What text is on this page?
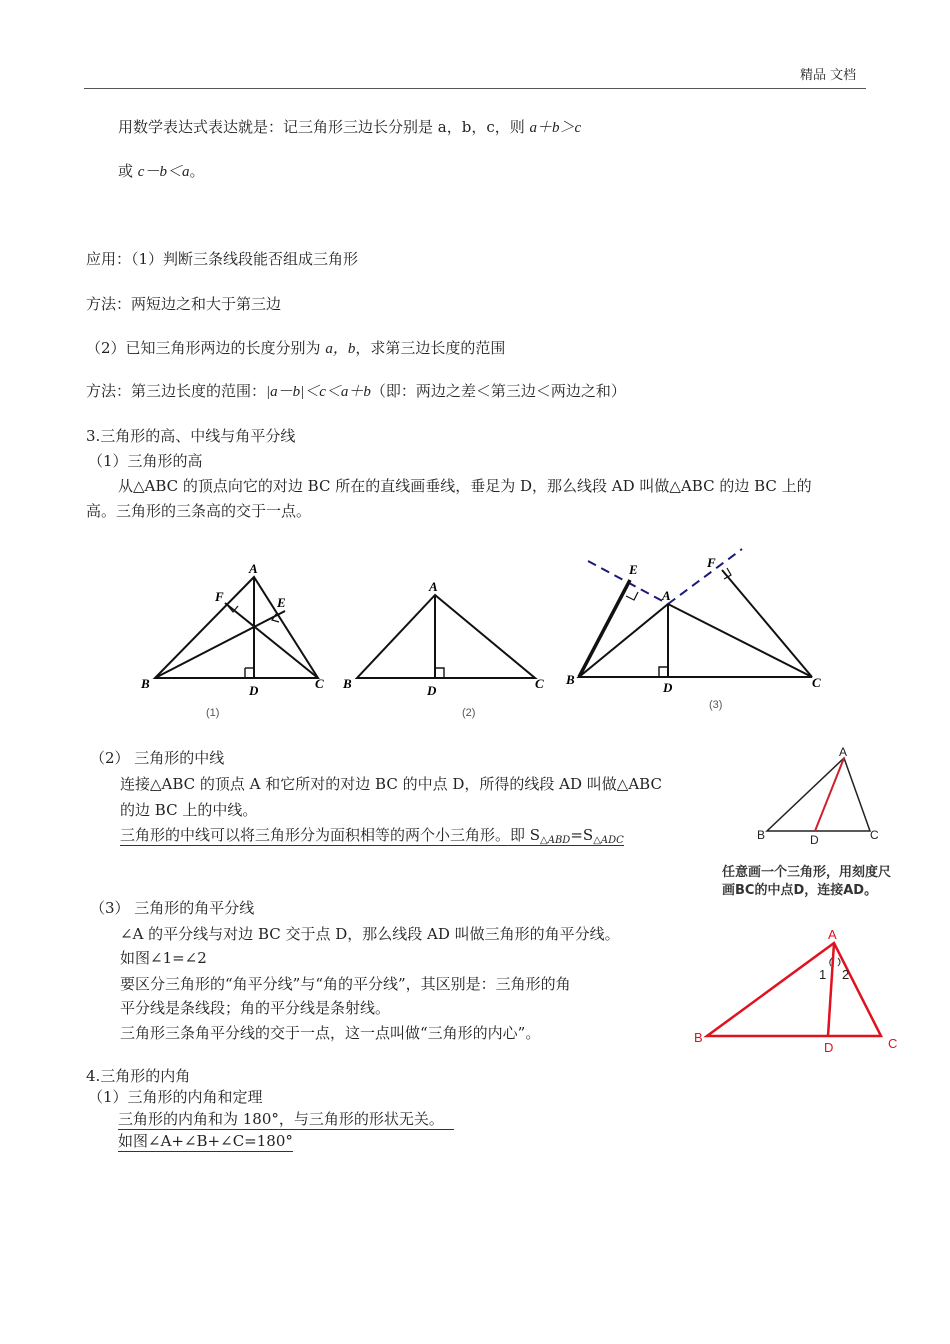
精品 文档
用数学表达式表达就是：记三角形三边长分别是 a，b，c，则 a＋b＞c
或 c－b＜a。
应用：（1）判断三条线段能否组成三角形
方法：两短边之和大于第三边
（2）已知三角形两边的长度分别为 a，b，求第三边长度的范围
方法：第三边长度的范围：|a－b|＜c＜a＋b（即：两边之差＜第三边＜两边之和）
3.三角形的高、中线与角平分线
（1）三角形的高
从△ABC 的顶点向它的对边 BC 所在的直线画垂线，垂足为 D，那么线段 AD 叫做△ABC 的边 BC 上的
高。三角形的三条高的交于一点。
A
B	C
D
F	E
(1)
A
B	C
D
(2)
A
B	C
D
E	F
(3)
（2） 三角形的中线
连接△ABC 的顶点 A 和它所对的对边 BC 的中点 D，所得的线段 AD 叫做△ABC
的边 BC 上的中线。
三角形的中线可以将三角形分为面积相等的两个小三角形。即 $S_{\triangle ABD}=S_{\triangle ADC}$
A
B	C
D
任意画一个三角形，用刻度尺
画BC的中点D，连接AD。
（3） 三角形的角平分线
∠A 的平分线与对边 BC 交于点 D，那么线段 AD 叫做三角形的角平分线。
如图∠1=∠2
要区分三角形的“角平分线”与“角的平分线”，其区别是：三角形的角
平分线是条线段；角的平分线是条射线。
三角形三条角平分线的交于一点，这一点叫做“三角形的内心”。
1 2
A
B	C
D
4.三角形的内角
（1）三角形的内角和定理
三角形的内角和为 180°，与三角形的形状无关。
如图∠A+∠B+∠C=180°
